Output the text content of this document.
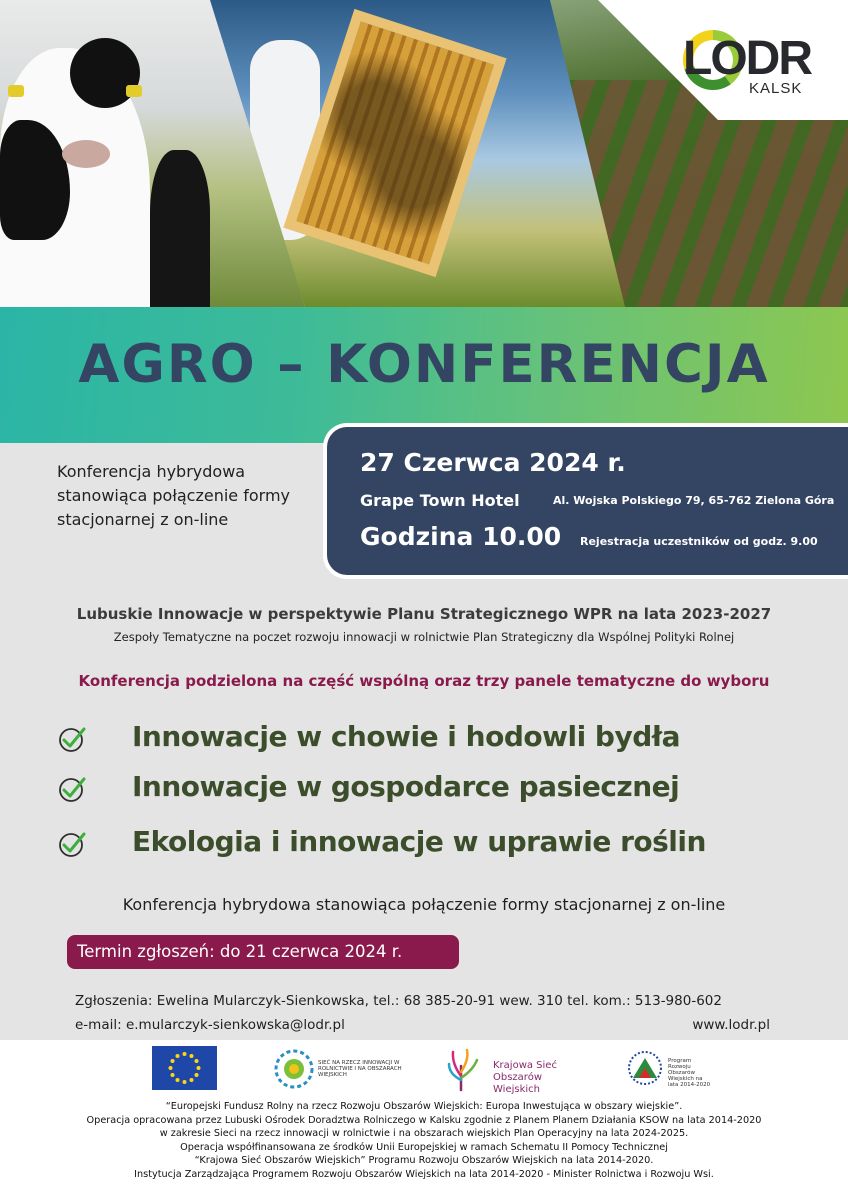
LODR
KALSK
AGRO – KONFERENCJA
Konferencja hybrydowa stanowiąca połączenie formy stacjonarnej z on-line
27 Czerwca 2024 r.
Grape Town Hotel	Al. Wojska Polskiego 79, 65-762 Zielona Góra
Godzina 10.00 Rejestracja uczestników od godz. 9.00
Lubuskie Innowacje w perspektywie Planu Strategicznego WPR na lata 2023-2027
Zespoły Tematyczne na poczet rozwoju innowacji w rolnictwie Plan Strategiczny dla Wspólnej Polityki Rolnej
Konferencja podzielona na część wspólną oraz trzy panele tematyczne do wyboru
Innowacje w chowie i hodowli bydła
Innowacje w gospodarce pasiecznej
Ekologia i innowacje w uprawie roślin
Konferencja hybrydowa stanowiąca połączenie formy stacjonarnej z on-line
Termin zgłoszeń: do 21 czerwca 2024 r.
Zgłoszenia: Ewelina Mularczyk-Sienkowska, tel.: 68 385-20-91 wew. 310 tel. kom.: 513-980-602
e-mail: e.mularczyk-sienkowska@lodr.pl	www.lodr.pl
SIEĆ NA RZECZ INNOWACJI W ROLNICTWIE I NA OBSZARACH WIEJSKICH
Krajowa Sieć Obszarów Wiejskich
Program Rozwoju Obszarów Wiejskich na lata 2014-2020
“Europejski Fundusz Rolny na rzecz Rozwoju Obszarów Wiejskich: Europa Inwestująca w obszary wiejskie”.
Operacja opracowana przez Lubuski Ośrodek Doradztwa Rolniczego w Kalsku zgodnie z Planem Planem Działania KSOW na lata 2014-2020
w zakresie Sieci na rzecz innowacji w rolnictwie i na obszarach wiejskich Plan Operacyjny na lata 2024-2025.
Operacja współfinansowana ze środków Unii Europejskiej w ramach Schematu II Pomocy Technicznej
“Krajowa Sieć Obszarów Wiejskich” Programu Rozwoju Obszarów Wiejskich na lata 2014-2020.
Instytucja Zarządzająca Programem Rozwoju Obszarów Wiejskich na lata 2014-2020 - Minister Rolnictwa i Rozwoju Wsi.
